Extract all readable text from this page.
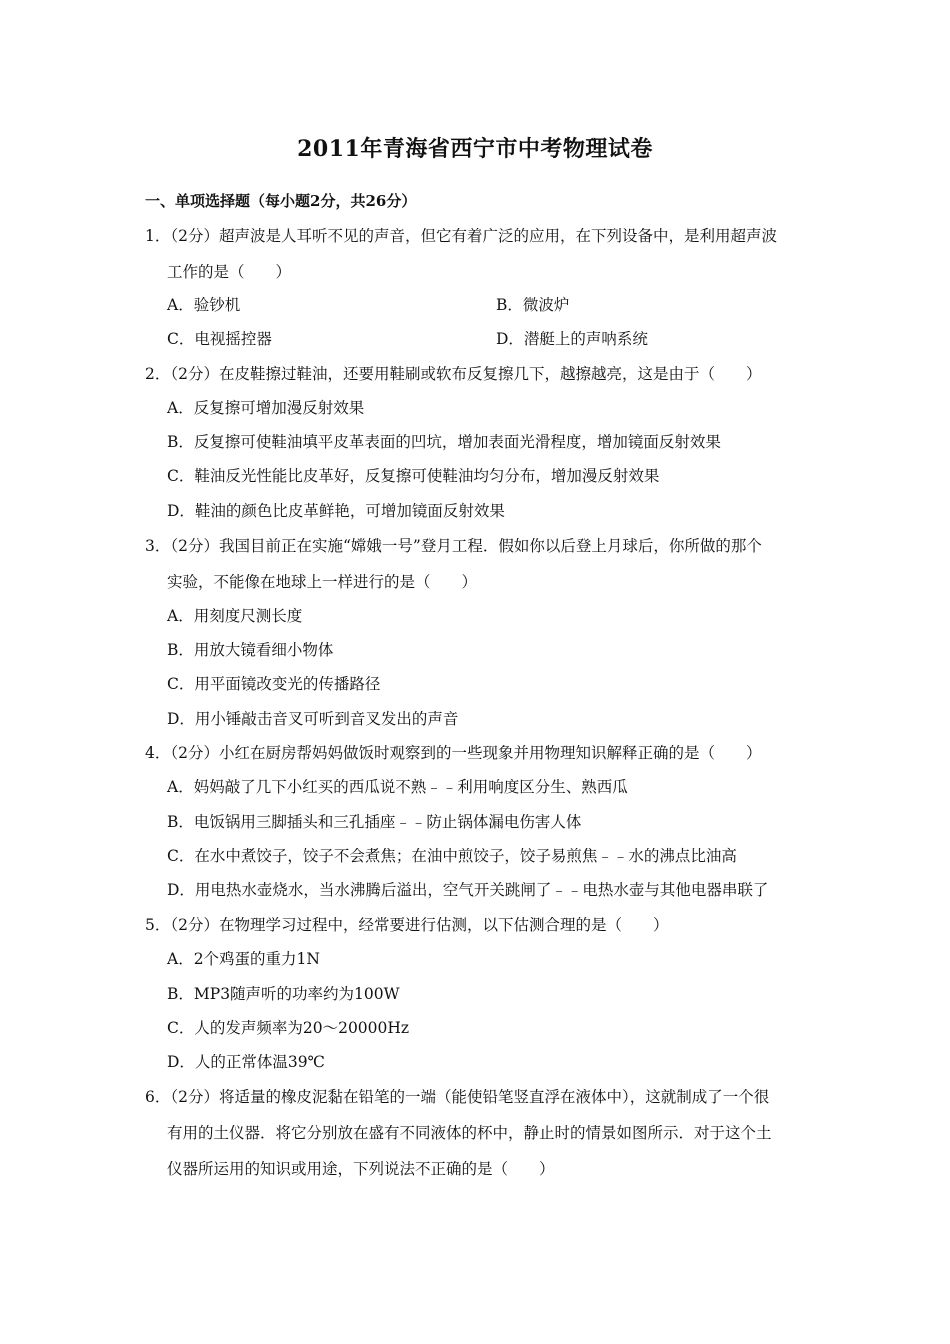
2011年青海省西宁市中考物理试卷
一、单项选择题（每小题2分，共26分）
1．（2分）超声波是人耳听不见的声音，但它有着广泛的应用，在下列设备中，是利用超声波
工作的是（　　）
A．验钞机	B．微波炉
C．电视摇控器	D．潜艇上的声呐系统
2．（2分）在皮鞋擦过鞋油，还要用鞋刷或软布反复擦几下，越擦越亮，这是由于（　　）
A．反复擦可增加漫反射效果
B．反复擦可使鞋油填平皮革表面的凹坑，增加表面光滑程度，增加镜面反射效果
C．鞋油反光性能比皮革好，反复擦可使鞋油均匀分布，增加漫反射效果
D．鞋油的颜色比皮革鲜艳，可增加镜面反射效果
3．（2分）我国目前正在实施“嫦娥一号”登月工程．假如你以后登上月球后，你所做的那个
实验，不能像在地球上一样进行的是（　　）
A．用刻度尺测长度
B．用放大镜看细小物体
C．用平面镜改变光的传播路径
D．用小锤敲击音叉可听到音叉发出的声音
4．（2分）小红在厨房帮妈妈做饭时观察到的一些现象并用物理知识解释正确的是（　　）
A．妈妈敲了几下小红买的西瓜说不熟﹣﹣利用响度区分生、熟西瓜
B．电饭锅用三脚插头和三孔插座﹣﹣防止锅体漏电伤害人体
C．在水中煮饺子，饺子不会煮焦；在油中煎饺子，饺子易煎焦﹣﹣水的沸点比油高
D．用电热水壶烧水，当水沸腾后溢出，空气开关跳闸了﹣﹣电热水壶与其他电器串联了
5．（2分）在物理学习过程中，经常要进行估测，以下估测合理的是（　　）
A．2个鸡蛋的重力1N
B．MP3随声听的功率约为100W
C．人的发声频率为20～20000Hz
D．人的正常体温39℃
6．（2分）将适量的橡皮泥黏在铅笔的一端（能使铅笔竖直浮在液体中），这就制成了一个很
有用的土仪器．将它分别放在盛有不同液体的杯中，静止时的情景如图所示．对于这个土
仪器所运用的知识或用途，下列说法不正确的是（　　）
